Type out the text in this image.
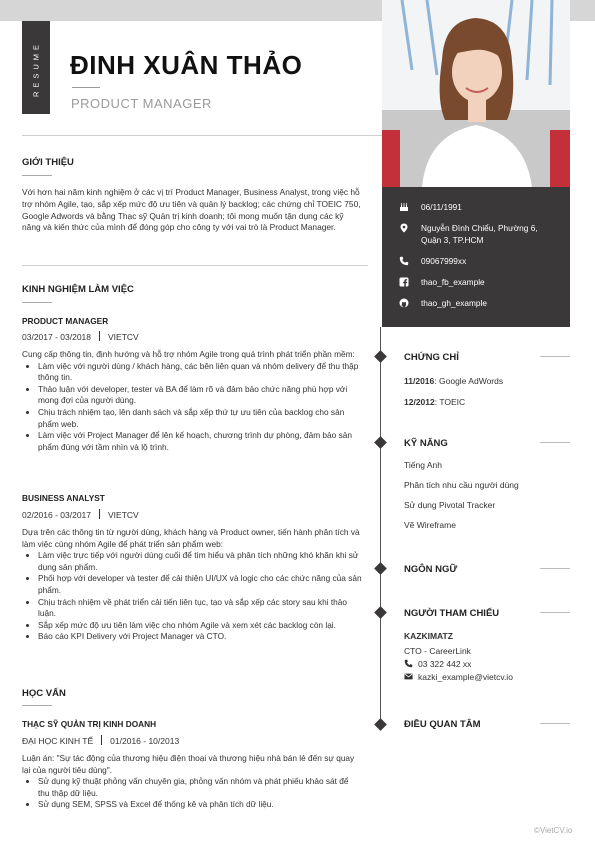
RESUME ĐINH XUÂN THẢO
PRODUCT MANAGER
06/11/1991
Nguyễn Đình Chiểu, Phường 6, Quận 3, TP.HCM
09067999xx
thao_fb_example
thao_gh_example
GIỚI THIỆU
Với hơn hai năm kinh nghiệm ở các vị trí Product Manager, Business Analyst, trong việc hỗ trợ nhóm Agile, tạo, sắp xếp mức độ ưu tiên và quản lý backlog; các chứng chỉ TOEIC 750, Google Adwords và bằng Thạc sỹ Quản trị kinh doanh; tôi mong muốn tận dụng các kỹ năng và kiến thức của mình để đóng góp cho công ty với vai trò là Product Manager.
KINH NGHIỆM LÀM VIỆC
PRODUCT MANAGER
03/2017 - 03/2018 VIETCV
Cung cấp thông tin, định hướng và hỗ trợ nhóm Agile trong quá trình phát triển phần mềm:
• Làm việc với người dùng / khách hàng, các bên liên quan và nhóm delivery để thu thập thông tin.
• Thảo luận với developer, tester và BA để làm rõ và đảm bảo chức năng phù hợp với mong đợi của người dùng.
• Chịu trách nhiệm tạo, lên danh sách và sắp xếp thứ tự ưu tiên của backlog cho sản phẩm web.
• Làm việc với Project Manager để lên kế hoạch, chương trình dự phòng, đảm bảo sản phẩm đúng với tầm nhìn và lộ trình.
BUSINESS ANALYST
02/2016 - 03/2017 VIETCV
Dựa trên các thông tin từ người dùng, khách hàng và Product owner, tiến hành phân tích và làm việc cùng nhóm Agile để phát triển sản phẩm web:
• Làm việc trực tiếp với người dùng cuối để tìm hiểu và phân tích những khó khăn khi sử dụng sản phẩm.
• Phối hợp với developer và tester để cải thiện UI/UX và logic cho các chức năng của sản phẩm.
• Chịu trách nhiệm về phát triển cải tiến liên tục, tạo và sắp xếp các story sau khi thảo luận.
• Sắp xếp mức độ ưu tiên làm việc cho nhóm Agile và xem xét các backlog còn lại.
• Báo cáo KPI Delivery với Project Manager và CTO.
HỌC VẤN
THẠC SỸ QUẢN TRỊ KINH DOANH
ĐẠI HỌC KINH TẾ 01/2016 - 10/2013
Luận án: "Sự tác động của thương hiệu điện thoại và thương hiệu nhà bán lẻ đến sự quay lại của người tiêu dùng".
• Sử dụng kỹ thuật phỏng vấn chuyên gia, phỏng vấn nhóm và phát phiếu khảo sát để thu thập dữ liệu.
• Sử dụng SEM, SPSS và Excel để thống kê và phân tích dữ liệu.
CHỨNG CHỈ
11/2016: Google AdWords
12/2012: TOEIC
KỸ NĂNG
Tiếng Anh
Phân tích nhu cầu người dùng
Sử dụng Pivotal Tracker
Vẽ Wireframe
NGÔN NGỮ
NGƯỜI THAM CHIẾU
KAZKIMATZ
CTO - CareerLink
03 322 442 xx
kazki_example@vietcv.io
ĐIỀU QUAN TÂM
©VietCV.io
